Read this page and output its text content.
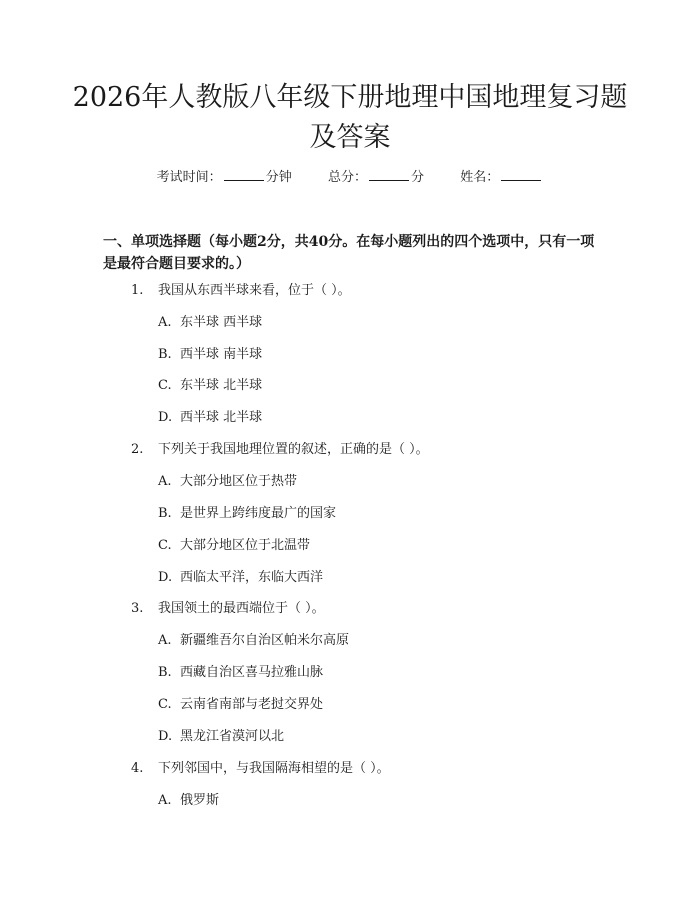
2026年人教版八年级下册地理中国地理复习题及答案
考试时间：	分钟	总分：	分	姓名：

一、单项选择题（每小题2分，共40分。在每小题列出的四个选项中，只有一项是最符合题目要求的。）

1. 我国从东西半球来看，位于（ ）。
A. 东半球 西半球
B. 西半球 南半球
C. 东半球 北半球
D. 西半球 北半球
2. 下列关于我国地理位置的叙述，正确的是（ ）。
A. 大部分地区位于热带
B. 是世界上跨纬度最广的国家
C. 大部分地区位于北温带
D. 西临太平洋，东临大西洋
3. 我国领土的最西端位于（ ）。
A. 新疆维吾尔自治区帕米尔高原
B. 西藏自治区喜马拉雅山脉
C. 云南省南部与老挝交界处
D. 黑龙江省漠河以北
4. 下列邻国中，与我国隔海相望的是（ ）。
A. 俄罗斯
